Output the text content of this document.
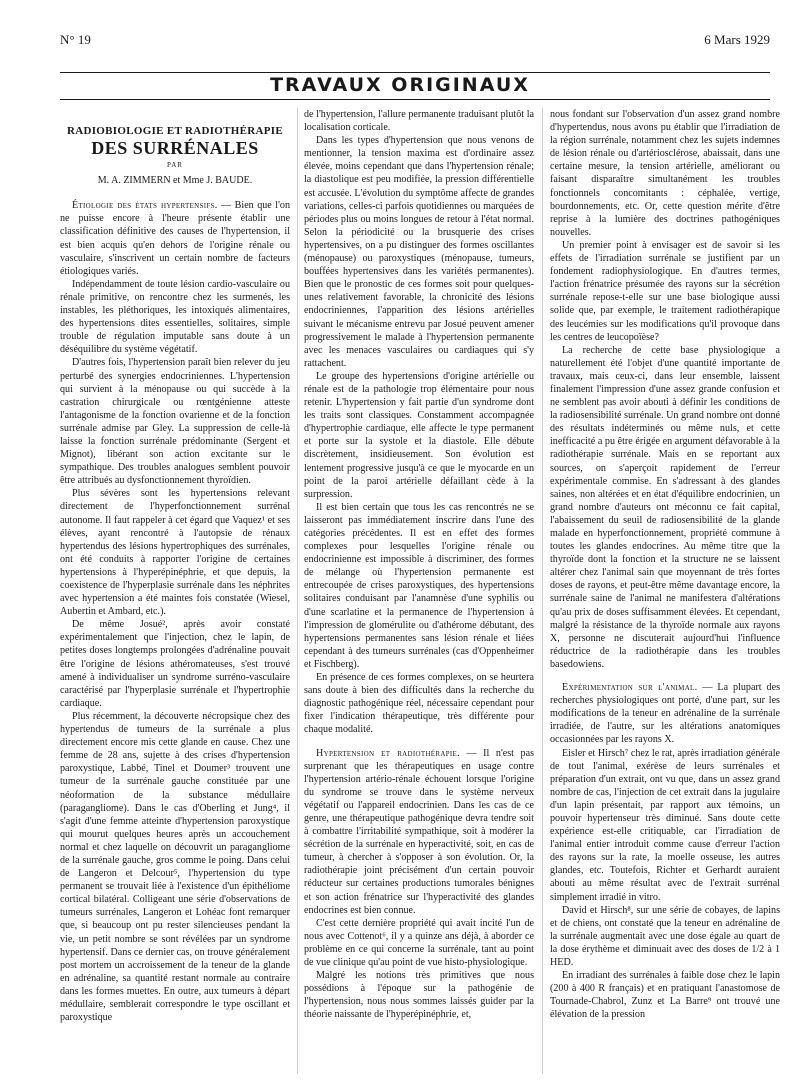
N° 19	6 Mars 1929
TRAVAUX ORIGINAUX
RADIOBIOLOGIE ET RADIOTHÉRAPIE
DES SURRÉNALES
PAR
M. A. ZIMMERN et Mme J. BAUDE.

Étiologie des états hypertensifs. — Bien que l'on ne puisse encore à l'heure présente établir une classification définitive des causes de l'hypertension, il est bien acquis qu'en dehors de l'origine rénale ou vasculaire, s'inscrivent un certain nombre de facteurs étiologiques variés.

Indépendamment de toute lésion cardio-vasculaire ou rénale primitive, on rencontre chez les surmenés, les instables, les pléthoriques, les intoxiqués alimentaires, des hypertensions dites essentielles, solitaires, simple trouble de régulation imputable sans doute à un déséquilibre du système végétatif.

D'autres fois, l'hypertension paraît bien relever du jeu perturbé des synergies endocriniennes. L'hypertension qui survient à la ménopause ou qui succède à la castration chirurgicale ou rœntgénienne atteste l'antagonisme de la fonction ovarienne et de la fonction surrénale admise par Gley. La suppression de celle-là laisse la fonction surrénale prédominante (Sergent et Mignot), libérant son action excitante sur le sympathique. Des troubles analogues semblent pouvoir être attribués au dysfonctionnement thyroïdien.

Plus sévères sont les hypertensions relevant directement de l'hyperfonctionnement surrénal autonome. Il faut rappeler à cet égard que Vaquez¹ et ses élèves, ayant rencontré à l'autopsie de rénaux hypertendus des lésions hypertrophiques des surrénales, ont été conduits à rapporter l'origine de certaines hypertensions à l'hyperépinéphrie, et que depuis, la coexistence de l'hyperplasie surrénale dans les néphrites avec hypertension a été maintes fois constatée (Wiesel, Aubertin et Ambard, etc.).

De même Josué², après avoir constaté expérimentalement que l'injection, chez le lapin, de petites doses longtemps prolongées d'adrénaline pouvait être l'origine de lésions athéromateuses, s'est trouvé amené à individualiser un syndrome surréno-vasculaire caractérisé par l'hyperplasie surrénale et l'hypertrophie cardiaque.

Plus récemment, la découverte nécropsique chez des hypertendus de tumeurs de la surrénale a plus directement encore mis cette glande en cause. Chez une femme de 28 ans, sujette à des crises d'hypertension paroxystique, Labbé, Tinel et Doumer³ trouvent une tumeur de la surrénale gauche constituée par une néoformation de la substance médullaire (paragangliome). Dans le cas d'Oberling et Jung⁴, il s'agit d'une femme atteinte d'hypertension paroxystique qui mourut quelques heures après un accouchement normal et chez laquelle on découvrit un paragangliome de la surrénale gauche, gros comme le poing. Dans celui de Langeron et Delcour⁵, l'hypertension du type permanent se trouvait liée à l'existence d'un épithéliome cortical bilatéral. Colligeant une série d'observations de tumeurs surrénales, Langeron et Lohéac font remarquer que, si beaucoup ont pu rester silencieuses pendant la vie, un petit nombre se sont révélées par un syndrome hypertensif. Dans ce dernier cas, on trouve généralement post mortem un accroissement de la teneur de la glande en adrénaline, sa quantité restant normale au contraire dans les formes muettes. En outre, aux tumeurs à départ médullaire, semblerait correspondre le type oscillant et paroxystique

de l'hypertension, l'allure permanente traduisant plutôt la localisation corticale.

Dans les types d'hypertension que nous venons de mentionner, la tension maxima est d'ordinaire assez élevée, moins cependant que dans l'hypertension rénale; la diastolique est peu modifiée, la pression différentielle est accusée. L'évolution du symptôme affecte de grandes variations, celles-ci parfois quotidiennes ou marquées de périodes plus ou moins longues de retour à l'état normal. Selon la périodicité ou la brusquerie des crises hypertensives, on a pu distinguer des formes oscillantes (ménopause) ou paroxystiques (ménopause, tumeurs, bouffées hypertensives dans les variétés permanentes). Bien que le pronostic de ces formes soit pour quelques-unes relativement favorable, la chronicité des lésions endocriniennes, l'apparition des lésions artérielles suivant le mécanisme entrevu par Josué peuvent amener progressivement le malade à l'hypertension permanente avec les menaces vasculaires ou cardiaques qui s'y rattachent.

Le groupe des hypertensions d'origine artérielle ou rénale est de la pathologie trop élémentaire pour nous retenir. L'hypertension y fait partie d'un syndrome dont les traits sont classiques. Constamment accompagnée d'hypertrophie cardiaque, elle affecte le type permanent et porte sur la systole et la diastole. Elle débute discrètement, insidieusement. Son évolution est lentement progressive jusqu'à ce que le myocarde en un point de la paroi artérielle défaillant cède à la surpression.

Il est bien certain que tous les cas rencontrés ne se laisseront pas immédiatement inscrire dans l'une des catégories précédentes. Il est en effet des formes complexes pour lesquelles l'origine rénale ou endocrinienne est impossible à discriminer, des formes de mélange où l'hypertension permanente est entrecoupée de crises paroxystiques, des hypertensions solitaires conduisant par l'anamnèse d'une syphilis ou d'une scarlatine et la permanence de l'hypertension à l'impression de glomérulite ou d'athérome débutant, des hypertensions permanentes sans lésion rénale et liées cependant à des tumeurs surrénales (cas d'Oppenheimer et Fischberg).

En présence de ces formes complexes, on se heurtera sans doute à bien des difficultés dans la recherche du diagnostic pathogénique réel, nécessaire cependant pour fixer l'indication thérapeutique, très différente pour chaque modalité.

Hypertension et radiothérapie. — Il n'est pas surprenant que les thérapeutiques en usage contre l'hypertension artério-rénale échouent lorsque l'origine du syndrome se trouve dans le système nerveux végétatif ou l'appareil endocrinien. Dans les cas de ce genre, une thérapeutique pathogénique devra tendre soit à combattre l'irritabilité sympathique, soit à modérer la sécrétion de la surrénale en hyperactivité, soit, en cas de tumeur, à chercher à s'opposer à son évolution. Or, la radiothérapie joint précisément d'un certain pouvoir réducteur sur certaines productions tumorales bénignes et son action frénatrice sur l'hyperactivité des glandes endocrines est bien connue.

C'est cette dernière propriété qui avait incité l'un de nous avec Cottenot⁶, il y a quinze ans déjà, à aborder ce problème en ce qui concerne la surrénale, tant au point de vue clinique qu'au point de vue histo-physiologique.

Malgré les notions très primitives que nous possédions à l'époque sur la pathogénie de l'hypertension, nous nous sommes laissés guider par la théorie naissante de l'hyperépinéphrie, et,

nous fondant sur l'observation d'un assez grand nombre d'hypertendus, nous avons pu établir que l'irradiation de la région surrénale, notamment chez les sujets indemnes de lésion rénale ou d'artériosclérose, abaissait, dans une certaine mesure, la tension artérielle, améliorant ou faisant disparaître simultanément les troubles fonctionnels concomitants : céphalée, vertige, bourdonnements, etc. Or, cette question mérite d'être reprise à la lumière des doctrines pathogéniques nouvelles.

Un premier point à envisager est de savoir si les effets de l'irradiation surrénale se justifient par un fondement radiophysiologique. En d'autres termes, l'action frénatrice présumée des rayons sur la sécrétion surrénale repose-t-elle sur une base biologique aussi solide que, par exemple, le traitement radiothérapique des leucémies sur les modifications qu'il provoque dans les centres de leucopoïèse?

La recherche de cette base physiologique a naturellement été l'objet d'une quantité importante de travaux, mais ceux-ci, dans leur ensemble, laissent finalement l'impression d'une assez grande confusion et ne semblent pas avoir abouti à définir les conditions de la radiosensibilité surrénale. Un grand nombre ont donné des résultats indéterminés ou même nuls, et cette inefficacité a pu être érigée en argument défavorable à la radiothérapie surrénale. Mais en se reportant aux sources, on s'aperçoit rapidement de l'erreur expérimentale commise. En s'adressant à des glandes saines, non altérées et en état d'équilibre endocrinien, un grand nombre d'auteurs ont méconnu ce fait capital, l'abaissement du seuil de radiosensibilité de la glande malade en hyperfonctionnement, propriété commune à toutes les glandes endocrines. Au même titre que la thyroïde dont la fonction et la structure ne se laissent altérer chez l'animal sain que moyennant de très fortes doses de rayons, et peut-être même davantage encore, la surrénale saine de l'animal ne manifestera d'altérations qu'au prix de doses suffisamment élevées. Et cependant, malgré la résistance de la thyroïde normale aux rayons X, personne ne discuterait aujourd'hui l'influence réductrice de la radiothérapie dans les troubles basedowiens.

Expérimentation sur l'animal. — La plupart des recherches physiologiques ont porté, d'une part, sur les modifications de la teneur en adrénaline de la surrénale irradiée, de l'autre, sur les altérations anatomiques occasionnées par les rayons X.

Eisler et Hirsch⁷ chez le rat, après irradiation générale de tout l'animal, exérèse de leurs surrénales et préparation d'un extrait, ont vu que, dans un assez grand nombre de cas, l'injection de cet extrait dans la jugulaire d'un lapin présentait, par rapport aux témoins, un pouvoir hypertenseur très diminué. Sans doute cette expérience est-elle critiquable, car l'irradiation de l'animal entier introduit comme cause d'erreur l'action des rayons sur la rate, la moelle osseuse, les autres glandes, etc. Toutefois, Richter et Gerhardt auraient abouti au même résultat avec de l'extrait surrénal simplement irradié in vitro.

David et Hirsch⁸, sur une série de cobayes, de lapins et de chiens, ont constaté que la teneur en adrénaline de la surrénale augmentait avec une dose égale au quart de la dose érythème et diminuait avec des doses de 1/2 à 1 HED.

En irradiant des surrénales à faible dose chez le lapin (200 à 400 R français) et en pratiquant l'anastomose de Tournade-Chabrol, Zunz et La Barre⁹ ont trouvé une élévation de la pression
